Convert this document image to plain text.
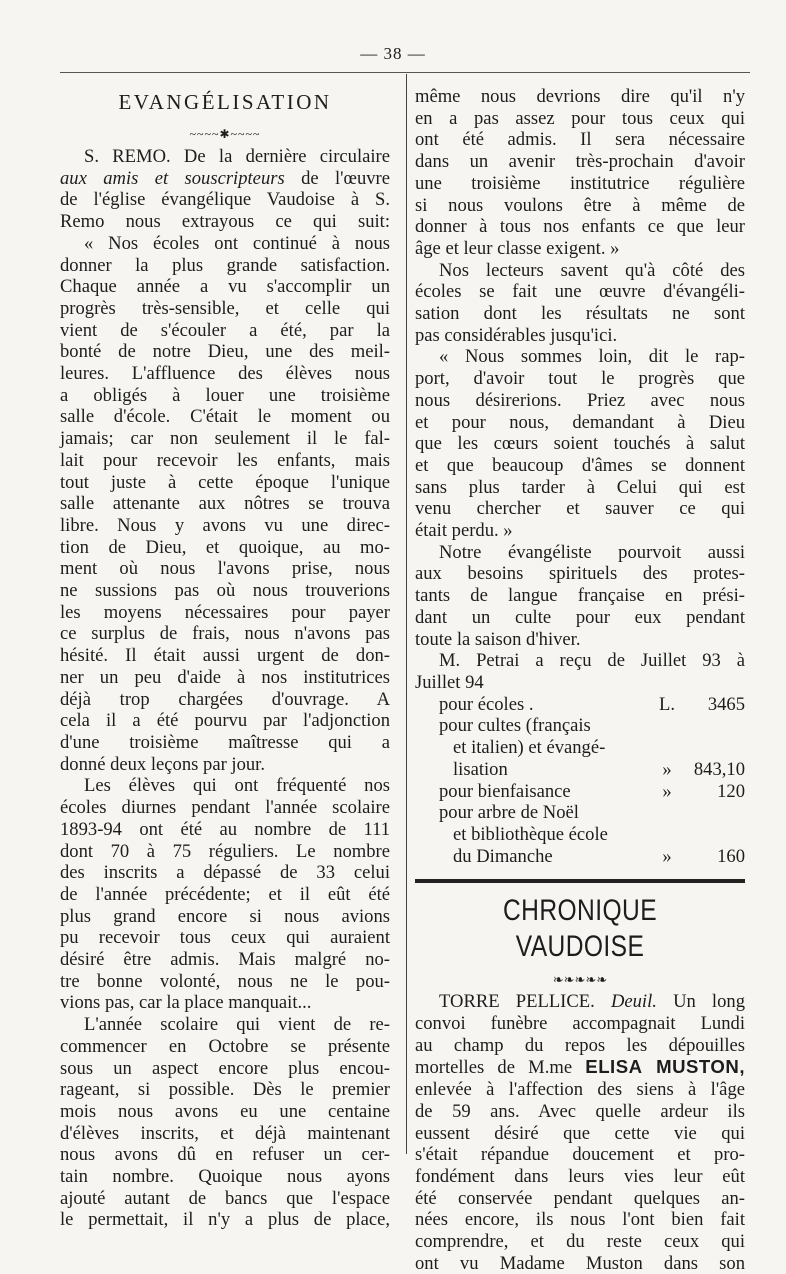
— 38 —
EVANGÉLISATION
~~~~✱~~~~

S. REMO. De la dernière circulaire

aux amis et souscripteurs de l'œuvre

de l'église évangélique Vaudoise à S.

Remo nous extrayous ce qui suit:

« Nos écoles ont continué à nous

donner la plus grande satisfaction.

Chaque année a vu s'accomplir un

progrès très-sensible, et celle qui

vient de s'écouler a été, par la

bonté de notre Dieu, une des meil-

leures. L'affluence des élèves nous

a obligés à louer une troisième

salle d'école. C'était le moment ou

jamais; car non seulement il le fal-

lait pour recevoir les enfants, mais

tout juste à cette époque l'unique

salle attenante aux nôtres se trouva

libre. Nous y avons vu une direc-

tion de Dieu, et quoique, au mo-

ment où nous l'avons prise, nous

ne sussions pas où nous trouverions

les moyens nécessaires pour payer

ce surplus de frais, nous n'avons pas

hésité. Il était aussi urgent de don-

ner un peu d'aide à nos institutrices

déjà trop chargées d'ouvrage. A

cela il a été pourvu par l'adjonction

d'une troisième maîtresse qui a

donné deux leçons par jour.

Les élèves qui ont fréquenté nos

écoles diurnes pendant l'année scolaire

1893-94 ont été au nombre de 111

dont 70 à 75 réguliers. Le nombre

des inscrits a dépassé de 33 celui

de l'année précédente; et il eût été

plus grand encore si nous avions

pu recevoir tous ceux qui auraient

désiré être admis. Mais malgré no-

tre bonne volonté, nous ne le pou-

vions pas, car la place manquait...

L'année scolaire qui vient de re-

commencer en Octobre se présente

sous un aspect encore plus encou-

rageant, si possible. Dès le premier

mois nous avons eu une centaine

d'élèves inscrits, et déjà maintenant

nous avons dû en refuser un cer-

tain nombre. Quoique nous ayons

ajouté autant de bancs que l'espace

le permettait, il n'y a plus de place,

même nous devrions dire qu'il n'y

en a pas assez pour tous ceux qui

ont été admis. Il sera nécessaire

dans un avenir très-prochain d'avoir

une troisième institutrice régulière

si nous voulons être à même de

donner à tous nos enfants ce que leur

âge et leur classe exigent. »

Nos lecteurs savent qu'à côté des

écoles se fait une œuvre d'évangéli-

sation dont les résultats ne sont

pas considérables jusqu'ici.

« Nous sommes loin, dit le rap-

port, d'avoir tout le progrès que

nous désirerions. Priez avec nous

et pour nous, demandant à Dieu

que les cœurs soient touchés à salut

et que beaucoup d'âmes se donnent

sans plus tarder à Celui qui est

venu chercher et sauver ce qui

était perdu. »

Notre évangéliste pourvoit aussi

aux besoins spirituels des protes-

tants de langue française en prési-

dant un culte pour eux pendant

toute la saison d'hiver.

M. Petrai a reçu de Juillet 93 à

Juillet 94

pour écoles .	L.	3465
pour cultes (français
et italien) et évangé-
lisation	»	843,10
pour bienfaisance	»	120
pour arbre de Noël
et bibliothèque école
du Dimanche	»	160
CHRONIQUE VAUDOISE
❧❧❧❧❧

TORRE PELLICE. Deuil. Un long

convoi funèbre accompagnait Lundi

au champ du repos les dépouilles

mortelles de M.me ELISA MUSTON,

enlevée à l'affection des siens à l'âge

de 59 ans. Avec quelle ardeur ils

eussent désiré que cette vie qui

s'était répandue doucement et pro-

fondément dans leurs vies leur eût

été conservée pendant quelques an-

nées encore, ils nous l'ont bien fait

comprendre, et du reste ceux qui

ont vu Madame Muston dans son
